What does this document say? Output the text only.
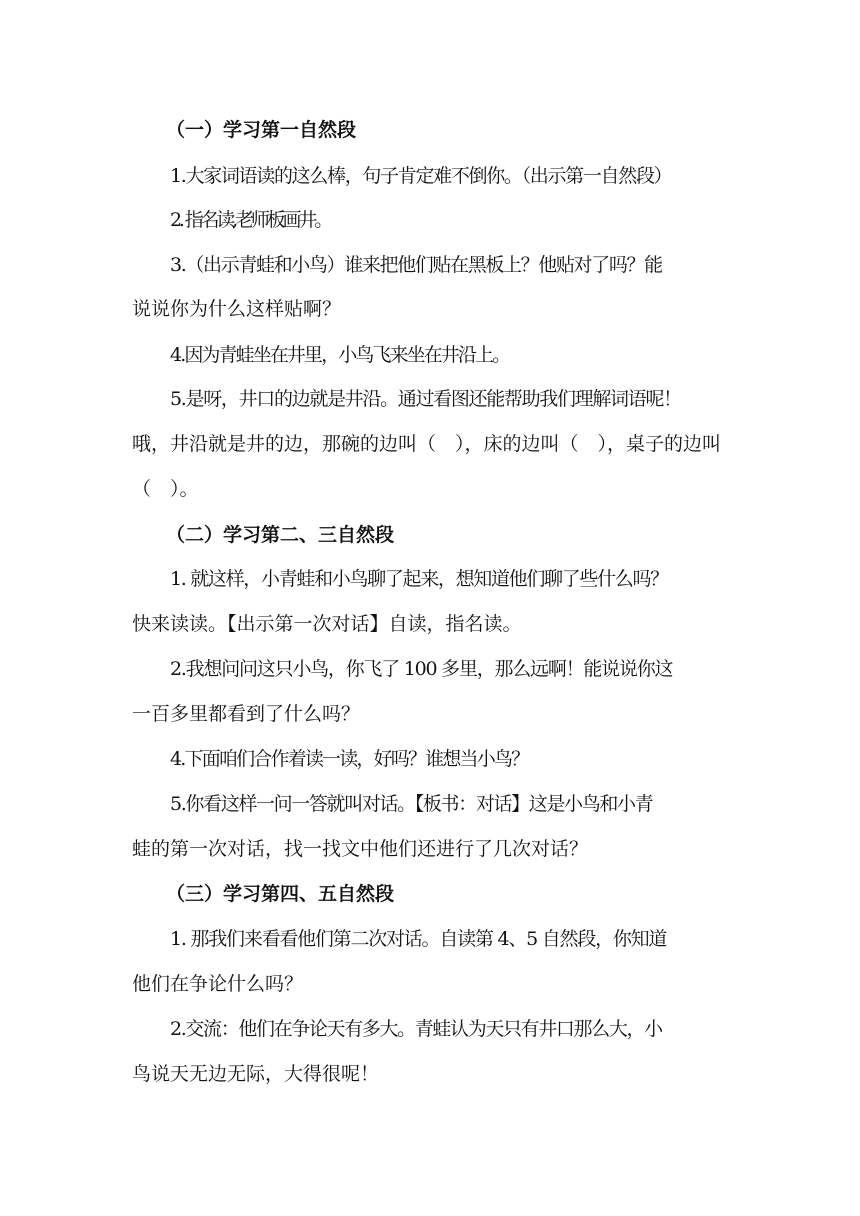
（一）学习第一自然段
1.大家词语读的这么棒，句子肯定难不倒你。（出示第一自然段）
2. 指名读,老师板画井。
3.（出示青蛙和小鸟）谁来把他们贴在黑板上？他贴对了吗？能
说说你为什么这样贴啊？
4.因为青蛙坐在井里，小鸟飞来坐在井沿上。
5.是呀，井口的边就是井沿。通过看图还能帮助我们理解词语呢！
哦，井沿就是井的边，那碗的边叫（　），床的边叫（　），桌子的边叫
（　）。
（二）学习第二、三自然段
1. 就这样，小青蛙和小鸟聊了起来，想知道他们聊了些什么吗？
快来读读。【出示第一次对话】自读，指名读。
2.我想问问这只小鸟，你飞了 100 多里，那么远啊！能说说你这
一百多里都看到了什么吗？
4.下面咱们合作着读一读，好吗？谁想当小鸟？
5.你看这样一问一答就叫对话。【板书：对话】这是小鸟和小青
蛙的第一次对话，找一找文中他们还进行了几次对话？
（三）学习第四、五自然段
1. 那我们来看看他们第二次对话。自读第 4、5 自然段，你知道
他们在争论什么吗？
2.交流：他们在争论天有多大。青蛙认为天只有井口那么大，小
鸟说天无边无际，大得很呢！
